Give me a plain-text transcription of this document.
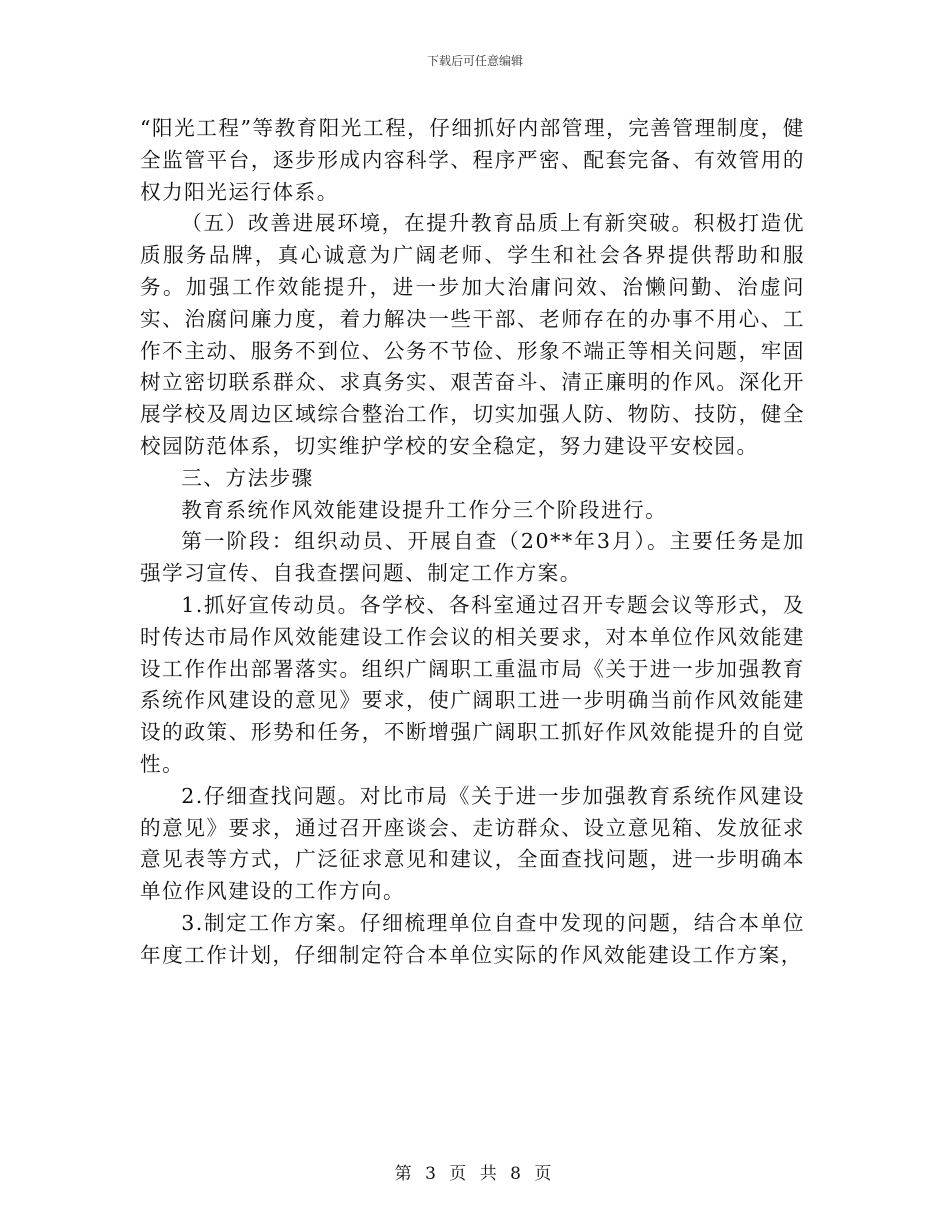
下载后可任意编辑

“阳光工程”等教育阳光工程，仔细抓好内部管理，完善管理制度，健全监管平台，逐步形成内容科学、程序严密、配套完备、有效管用的权力阳光运行体系。

（五）改善进展环境，在提升教育品质上有新突破。积极打造优质服务品牌，真心诚意为广阔老师、学生和社会各界提供帮助和服务。加强工作效能提升，进一步加大治庸问效、治懒问勤、治虚问实、治腐问廉力度，着力解决一些干部、老师存在的办事不用心、工作不主动、服务不到位、公务不节俭、形象不端正等相关问题，牢固树立密切联系群众、求真务实、艰苦奋斗、清正廉明的作风。深化开展学校及周边区域综合整治工作，切实加强人防、物防、技防，健全校园防范体系，切实维护学校的安全稳定，努力建设平安校园。

三、方法步骤

教育系统作风效能建设提升工作分三个阶段进行。

第一阶段：组织动员、开展自查（20**年3月）。主要任务是加强学习宣传、自我查摆问题、制定工作方案。

1.抓好宣传动员。各学校、各科室通过召开专题会议等形式，及时传达市局作风效能建设工作会议的相关要求，对本单位作风效能建设工作作出部署落实。组织广阔职工重温市局《关于进一步加强教育系统作风建设的意见》要求，使广阔职工进一步明确当前作风效能建设的政策、形势和任务，不断增强广阔职工抓好作风效能提升的自觉性。

2.仔细查找问题。对比市局《关于进一步加强教育系统作风建设的意见》要求，通过召开座谈会、走访群众、设立意见箱、发放征求意见表等方式，广泛征求意见和建议，全面查找问题，进一步明确本单位作风建设的工作方向。

3.制定工作方案。仔细梳理单位自查中发现的问题，结合本单位年度工作计划，仔细制定符合本单位实际的作风效能建设工作方案，

第 3 页 共 8 页
